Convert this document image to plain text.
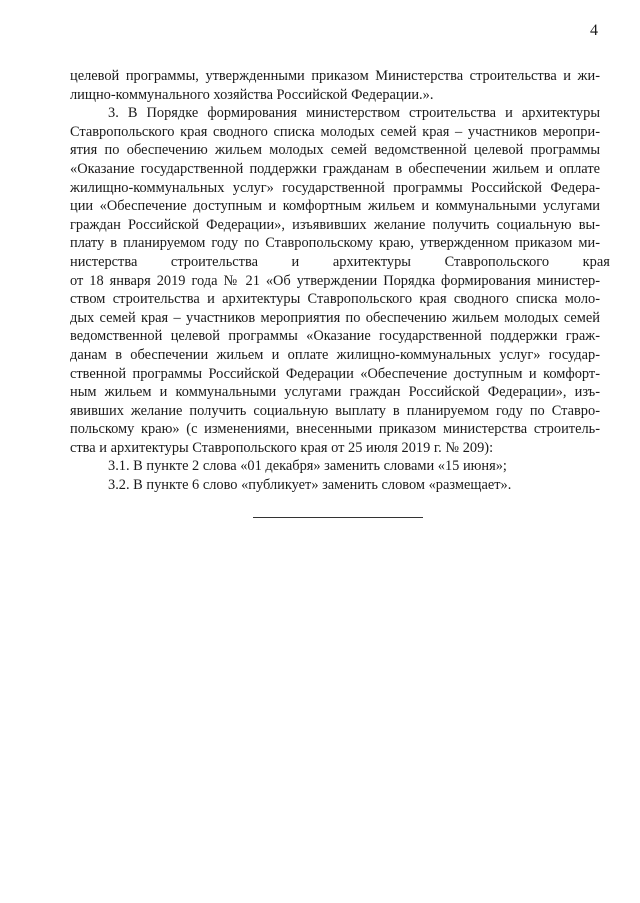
4
целевой программы, утвержденными приказом Министерства строительства и жи-
лищно-коммунального хозяйства Российской Федерации.».
3. В Порядке формирования министерством строительства и архитектуры
Ставропольского края сводного списка молодых семей края – участников меропри-
ятия по обеспечению жильем молодых семей ведомственной целевой программы
«Оказание государственной поддержки гражданам в обеспечении жильем и оплате
жилищно-коммунальных услуг» государственной программы Российской Федера-
ции «Обеспечение доступным и комфортным жильем и коммунальными услугами
граждан Российской Федерации», изъявивших желание получить социальную вы-
плату в планируемом году по Ставропольскому краю, утвержденном приказом ми-
нистерства строительства и архитектуры Ставропольского края
от 18 января 2019 года № 21 «Об утверждении Порядка формирования министер-
ством строительства и архитектуры Ставропольского края сводного списка моло-
дых семей края – участников мероприятия по обеспечению жильем молодых семей
ведомственной целевой программы «Оказание государственной поддержки граж-
данам в обеспечении жильем и оплате жилищно-коммунальных услуг» государ-
ственной программы Российской Федерации «Обеспечение доступным и комфорт-
ным жильем и коммунальными услугами граждан Российской Федерации», изъ-
явивших желание получить социальную выплату в планируемом году по Ставро-
польскому краю» (с изменениями, внесенными приказом министерства строитель-
ства и архитектуры Ставропольского края от 25 июля 2019 г. № 209):
3.1. В пункте 2 слова «01 декабря» заменить словами «15 июня»;
3.2. В пункте 6 слово «публикует» заменить словом «размещает».
